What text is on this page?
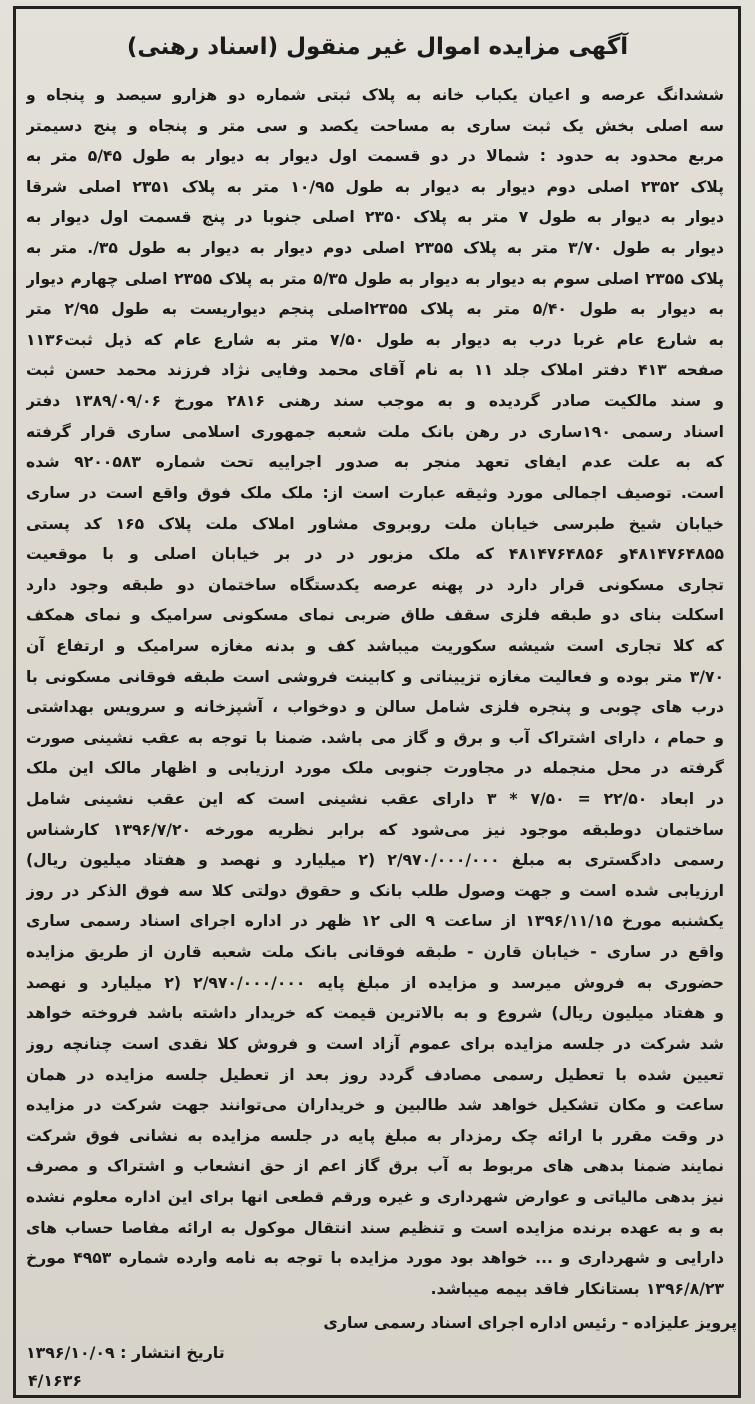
آگهی مزایده اموال غیر منقول (اسناد رهنی)
ششدانگ عرصه و اعیان یکباب خانه به پلاک ثبتی شماره دو هزارو سیصد و پنجاه و
سه اصلی بخش یک ثبت ساری به مساحت یکصد و سی متر و پنجاه و پنج دسیمتر
مربع محدود به حدود : شمالا در دو قسمت اول دیوار به دیوار به طول ۵/۴۵ متر به
پلاک ۲۳۵۲ اصلی دوم دیوار به دیوار به طول ۱۰/۹۵ متر به پلاک ۲۳۵۱ اصلی شرقا
دیوار به دیوار به طول ۷ متر به پلاک ۲۳۵۰ اصلی جنوبا در پنج قسمت اول دیوار به
دیوار به طول ۳/۷۰ متر به پلاک ۲۳۵۵ اصلی دوم دیوار به دیوار به طول ۳۵/. متر به
پلاک ۲۳۵۵ اصلی سوم به دیوار به دیوار به طول ۵/۳۵ متر به پلاک ۲۳۵۵ اصلی چهارم دیوار
به دیوار به طول ۵/۴۰ متر به پلاک ۲۳۵۵اصلی پنجم دیواریست به طول ۲/۹۵ متر
به شارع عام غربا درب به دیوار به طول ۷/۵۰ متر به شارع عام که ذیل ثبت۱۱۳۶
صفحه ۴۱۳ دفتر املاک جلد ۱۱ به نام آقای محمد وفایی نژاد فرزند محمد حسن ثبت
و سند مالکیت صادر گردیده و به موجب سند رهنی ۲۸۱۶ مورخ ۱۳۸۹/۰۹/۰۶ دفتر
اسناد رسمی ۱۹۰ساری در رهن بانک ملت شعبه جمهوری اسلامی ساری قرار گرفته
که به علت عدم ایفای تعهد منجر به صدور اجراییه تحت شماره ۹۲۰۰۵۸۳ شده
است. توصیف اجمالی مورد وثیقه عبارت است از: ملک ملک فوق واقع است در ساری
خیابان شیخ طبرسی خیابان ملت روبروی مشاور املاک ملت پلاک ۱۶۵ کد پستی
۴۸۱۴۷۶۴۸۵۵و ۴۸۱۴۷۶۴۸۵۶ که ملک مزبور در در بر خیابان اصلی و با موقعیت
تجاری مسکونی قرار دارد در پهنه عرصه یکدستگاه ساختمان دو طبقه وجود دارد
اسکلت بنای دو طبقه فلزی سقف طاق ضربی نمای مسکونی سرامیک و نمای همکف
که کلا تجاری است شیشه سکوریت میباشد کف و بدنه مغازه سرامیک و ارتفاع آن
۳/۷۰ متر بوده و فعالیت مغازه تزییناتی و کابینت فروشی است طبقه فوقانی مسکونی با
درب های چوبی و پنجره فلزی شامل سالن و دوخواب ، آشپزخانه و سرویس بهداشتی
و حمام ، دارای اشتراک آب و برق و گاز می باشد. ضمنا با توجه به عقب نشینی صورت
گرفته در محل منجمله در مجاورت جنوبی ملک مورد ارزیابی و اظهار مالک این ملک
در ابعاد ۲۲/۵۰ = ۷/۵۰ * ۳ دارای عقب نشینی است که این عقب نشینی شامل
ساختمان دوطبقه موجود نیز می‌شود که برابر نظریه مورخه ۱۳۹۶/۷/۲۰ کارشناس
رسمی دادگستری به مبلغ ۲/۹۷۰/۰۰۰/۰۰۰ (۲ میلیارد و نهصد و هفتاد میلیون ریال)
ارزیابی شده است و جهت وصول طلب بانک و حقوق دولتی کلا سه فوق الذکر در روز
یکشنبه مورخ ۱۳۹۶/۱۱/۱۵ از ساعت ۹ الی ۱۲ ظهر در اداره اجرای اسناد رسمی ساری
واقع در ساری - خیابان قارن - طبقه فوقانی بانک ملت شعبه قارن از طریق مزایده
حضوری به فروش میرسد و مزایده از مبلغ پایه ۲/۹۷۰/۰۰۰/۰۰۰ (۲ میلیارد و نهصد
و هفتاد میلیون ریال) شروع و به بالاترین قیمت که خریدار داشته باشد فروخته خواهد
شد شرکت در جلسه مزایده برای عموم آزاد است و فروش کلا نقدی است چنانچه روز
تعیین شده با تعطیل رسمی مصادف گردد روز بعد از تعطیل جلسه مزایده در همان
ساعت و مکان تشکیل خواهد شد طالبین و خریداران می‌توانند جهت شرکت در مزایده
در وقت مقرر با ارائه چک رمزدار به مبلغ پایه در جلسه مزایده به نشانی فوق شرکت
نمایند ضمنا بدهی های مربوط به آب برق گاز اعم از حق انشعاب و اشتراک و مصرف
نیز بدهی مالیاتی و عوارض شهرداری و غیره ورقم قطعی انها برای این اداره معلوم نشده
به و به عهده برنده مزایده است و تنظیم سند انتقال موکول به ارائه مفاصا حساب های
دارایی و شهرداری و ... خواهد بود مورد مزایده با توجه به نامه وارده شماره ۴۹۵۳ مورخ
۱۳۹۶/۸/۲۳ بستانکار فاقد بیمه میباشد.
پرویز علیزاده - رئیس اداره اجرای اسناد رسمی ساری
تاریخ انتشار : ۱۳۹۶/۱۰/۰۹
۴/۱۶۳۶
